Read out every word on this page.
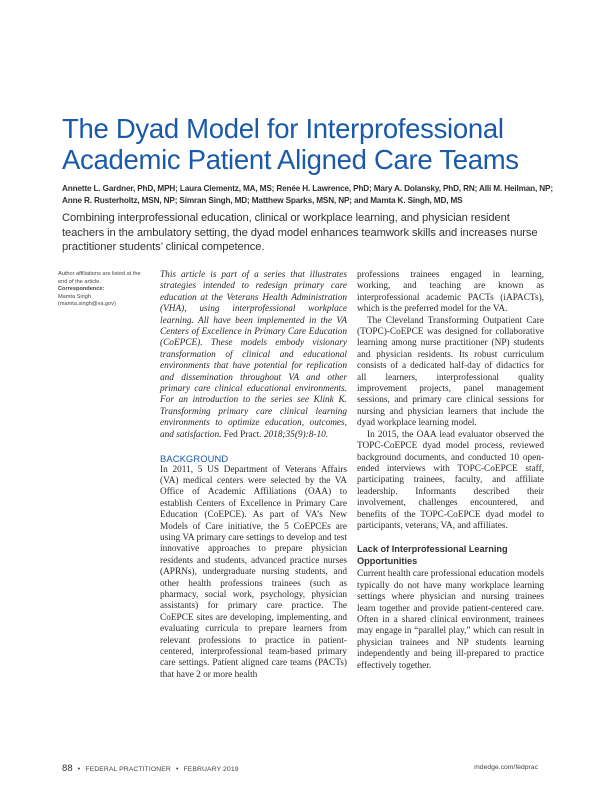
The Dyad Model for Interprofessional Academic Patient Aligned Care Teams
Annette L. Gardner, PhD, MPH; Laura Clementz, MA, MS; Renée H. Lawrence, PhD; Mary A. Dolansky, PhD, RN; Alli M. Heilman, NP; Anne R. Rusterholtz, MSN, NP; Simran Singh, MD; Matthew Sparks, MSN, NP; and Mamta K. Singh, MD, MS
Combining interprofessional education, clinical or workplace learning, and physician resident teachers in the ambulatory setting, the dyad model enhances teamwork skills and increases nurse practitioner students’ clinical competence.
Author affiliations are listed at the end of the article.
Correspondence:
Mamta Singh (mamta.singh@va.gov)

This article is part of a series that illustrates strategies intended to redesign primary care education at the Veterans Health Administration (VHA), using interprofessional workplace learning. All have been implemented in the VA Centers of Excellence in Primary Care Education (CoEPCE). These models embody visionary transformation of clinical and educational environments that have potential for replication and dissemination throughout VA and other primary care clinical educational environments. For an introduction to the series see Klink K. Transforming primary care clinical learning environments to optimize education, outcomes, and satisfaction. Fed Pract. 2018;35(9):8-10.

BACKGROUND

In 2011, 5 US Department of Veterans Affairs (VA) medical centers were selected by the VA Office of Academic Affiliations (OAA) to establish Centers of Excellence in Primary Care Education (CoEPCE). As part of VA’s New Models of Care initiative, the 5 CoEPCEs are using VA primary care settings to develop and test innovative approaches to prepare physician residents and students, advanced practice nurses (APRNs), undergraduate nursing students, and other health professions trainees (such as pharmacy, social work, psychology, physician assistants) for primary care practice. The CoEPCE sites are developing, implementing, and evaluating curricula to prepare learners from relevant professions to practice in patient-centered, interprofessional team-based primary care settings. Patient aligned care teams (PACTs) that have 2 or more health

professions trainees engaged in learning, working, and teaching are known as interprofessional academic PACTs (iAPACTs), which is the preferred model for the VA.

The Cleveland Transforming Outpatient Care (TOPC)-CoEPCE was designed for collaborative learning among nurse practitioner (NP) students and physician residents. Its robust curriculum consists of a dedicated half-day of didactics for all learners, interprofessional quality improvement projects, panel management sessions, and primary care clinical sessions for nursing and physician learners that include the dyad workplace learning model.

In 2015, the OAA lead evaluator observed the TOPC-CoEPCE dyad model process, reviewed background documents, and conducted 10 open-ended interviews with TOPC-CoEPCE staff, participating trainees, faculty, and affiliate leadership. Informants described their involvement, challenges encountered, and benefits of the TOPC-CoEPCE dyad model to participants, veterans, VA, and affiliates.

Lack of Interprofessional Learning Opportunities

Current health care professional education models typically do not have many workplace learning settings where physician and nursing trainees learn together and provide patient-centered care. Often in a shared clinical environment, trainees may engage in “parallel play,” which can result in physician trainees and NP students learning independently and being ill-prepared to practice effectively together.

88 • FEDERAL PRACTITIONER • FEBRUARY 2019	mdedge.com/fedprac
